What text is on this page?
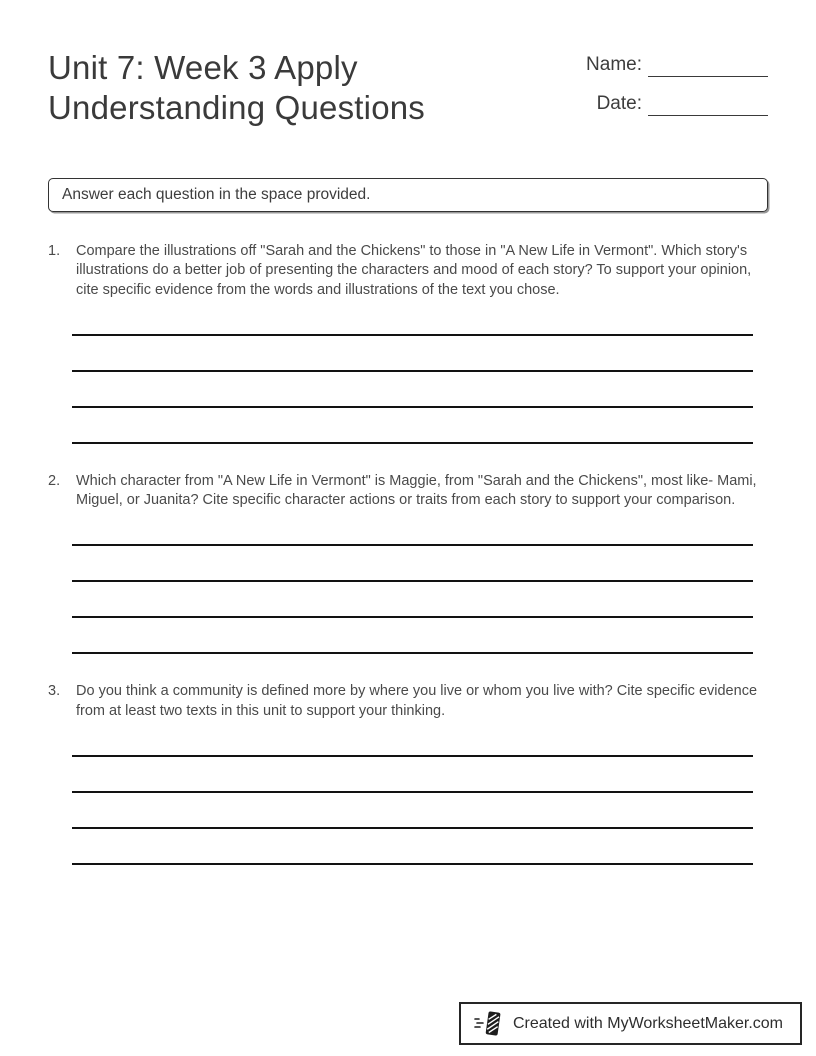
Unit 7: Week 3 Apply
Understanding Questions
Name:
Date:
Answer each question in the space provided.
1.	Compare the illustrations off "Sarah and the Chickens" to those in "A New Life in Vermont". Which story's illustrations do a better job of presenting the characters and mood of each story? To support your opinion, cite specific evidence from the words and illustrations of the text you chose.
2.	Which character from "A New Life in Vermont" is Maggie, from "Sarah and the Chickens", most like- Mami, Miguel, or Juanita? Cite specific character actions or traits from each story to support your comparison.
3.	Do you think a community is defined more by where you live or whom you live with? Cite specific evidence from at least two texts in this unit to support your thinking.
Created with MyWorksheetMaker.com
